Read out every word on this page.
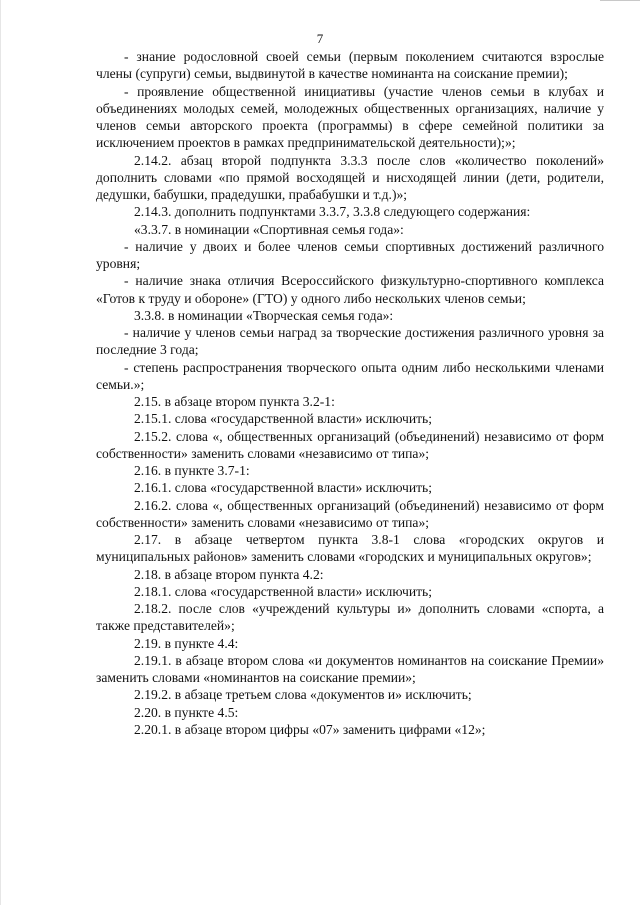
7

- знание родословной своей семьи (первым поколением считаются взрослые члены (супруги) семьи, выдвинутой в качестве номинанта на соискание премии);

- проявление общественной инициативы (участие членов семьи в клубах и объединениях молодых семей, молодежных общественных организациях, наличие у членов семьи авторского проекта (программы) в сфере семейной политики за исключением проектов в рамках предпринимательской деятельности);»;

2.14.2. абзац второй подпункта 3.3.3 после слов «количество поколений» дополнить словами «по прямой восходящей и нисходящей линии (дети, родители, дедушки, бабушки, прадедушки, прабабушки и т.д.)»;

2.14.3. дополнить подпунктами 3.3.7, 3.3.8 следующего содержания:

«3.3.7. в номинации «Спортивная семья года»:

- наличие у двоих и более членов семьи спортивных достижений различного уровня;

- наличие знака отличия Всероссийского физкультурно-спортивного комплекса «Готов к труду и обороне» (ГТО) у одного либо нескольких членов семьи;

3.3.8. в номинации «Творческая семья года»:

- наличие у членов семьи наград за творческие достижения различного уровня за последние 3 года;

- степень распространения творческого опыта одним либо несколькими членами семьи.»;

2.15. в абзаце втором пункта 3.2-1:

2.15.1. слова «государственной власти» исключить;

2.15.2. слова «, общественных организаций (объединений) независимо от форм собственности» заменить словами «независимо от типа»;

2.16. в пункте 3.7-1:

2.16.1. слова «государственной власти» исключить;

2.16.2. слова «, общественных организаций (объединений) независимо от форм собственности» заменить словами «независимо от типа»;

2.17. в абзаце четвертом пункта 3.8-1 слова «городских округов и муниципальных районов» заменить словами «городских и муниципальных округов»;

2.18. в абзаце втором пункта 4.2:

2.18.1. слова «государственной власти» исключить;

2.18.2. после слов «учреждений культуры и» дополнить словами «спорта, а также представителей»;

2.19. в пункте 4.4:

2.19.1. в абзаце втором слова «и документов номинантов на соискание Премии» заменить словами «номинантов на соискание премии»;

2.19.2. в абзаце третьем слова «документов и» исключить;

2.20. в пункте 4.5:

2.20.1. в абзаце втором цифры «07» заменить цифрами «12»;
